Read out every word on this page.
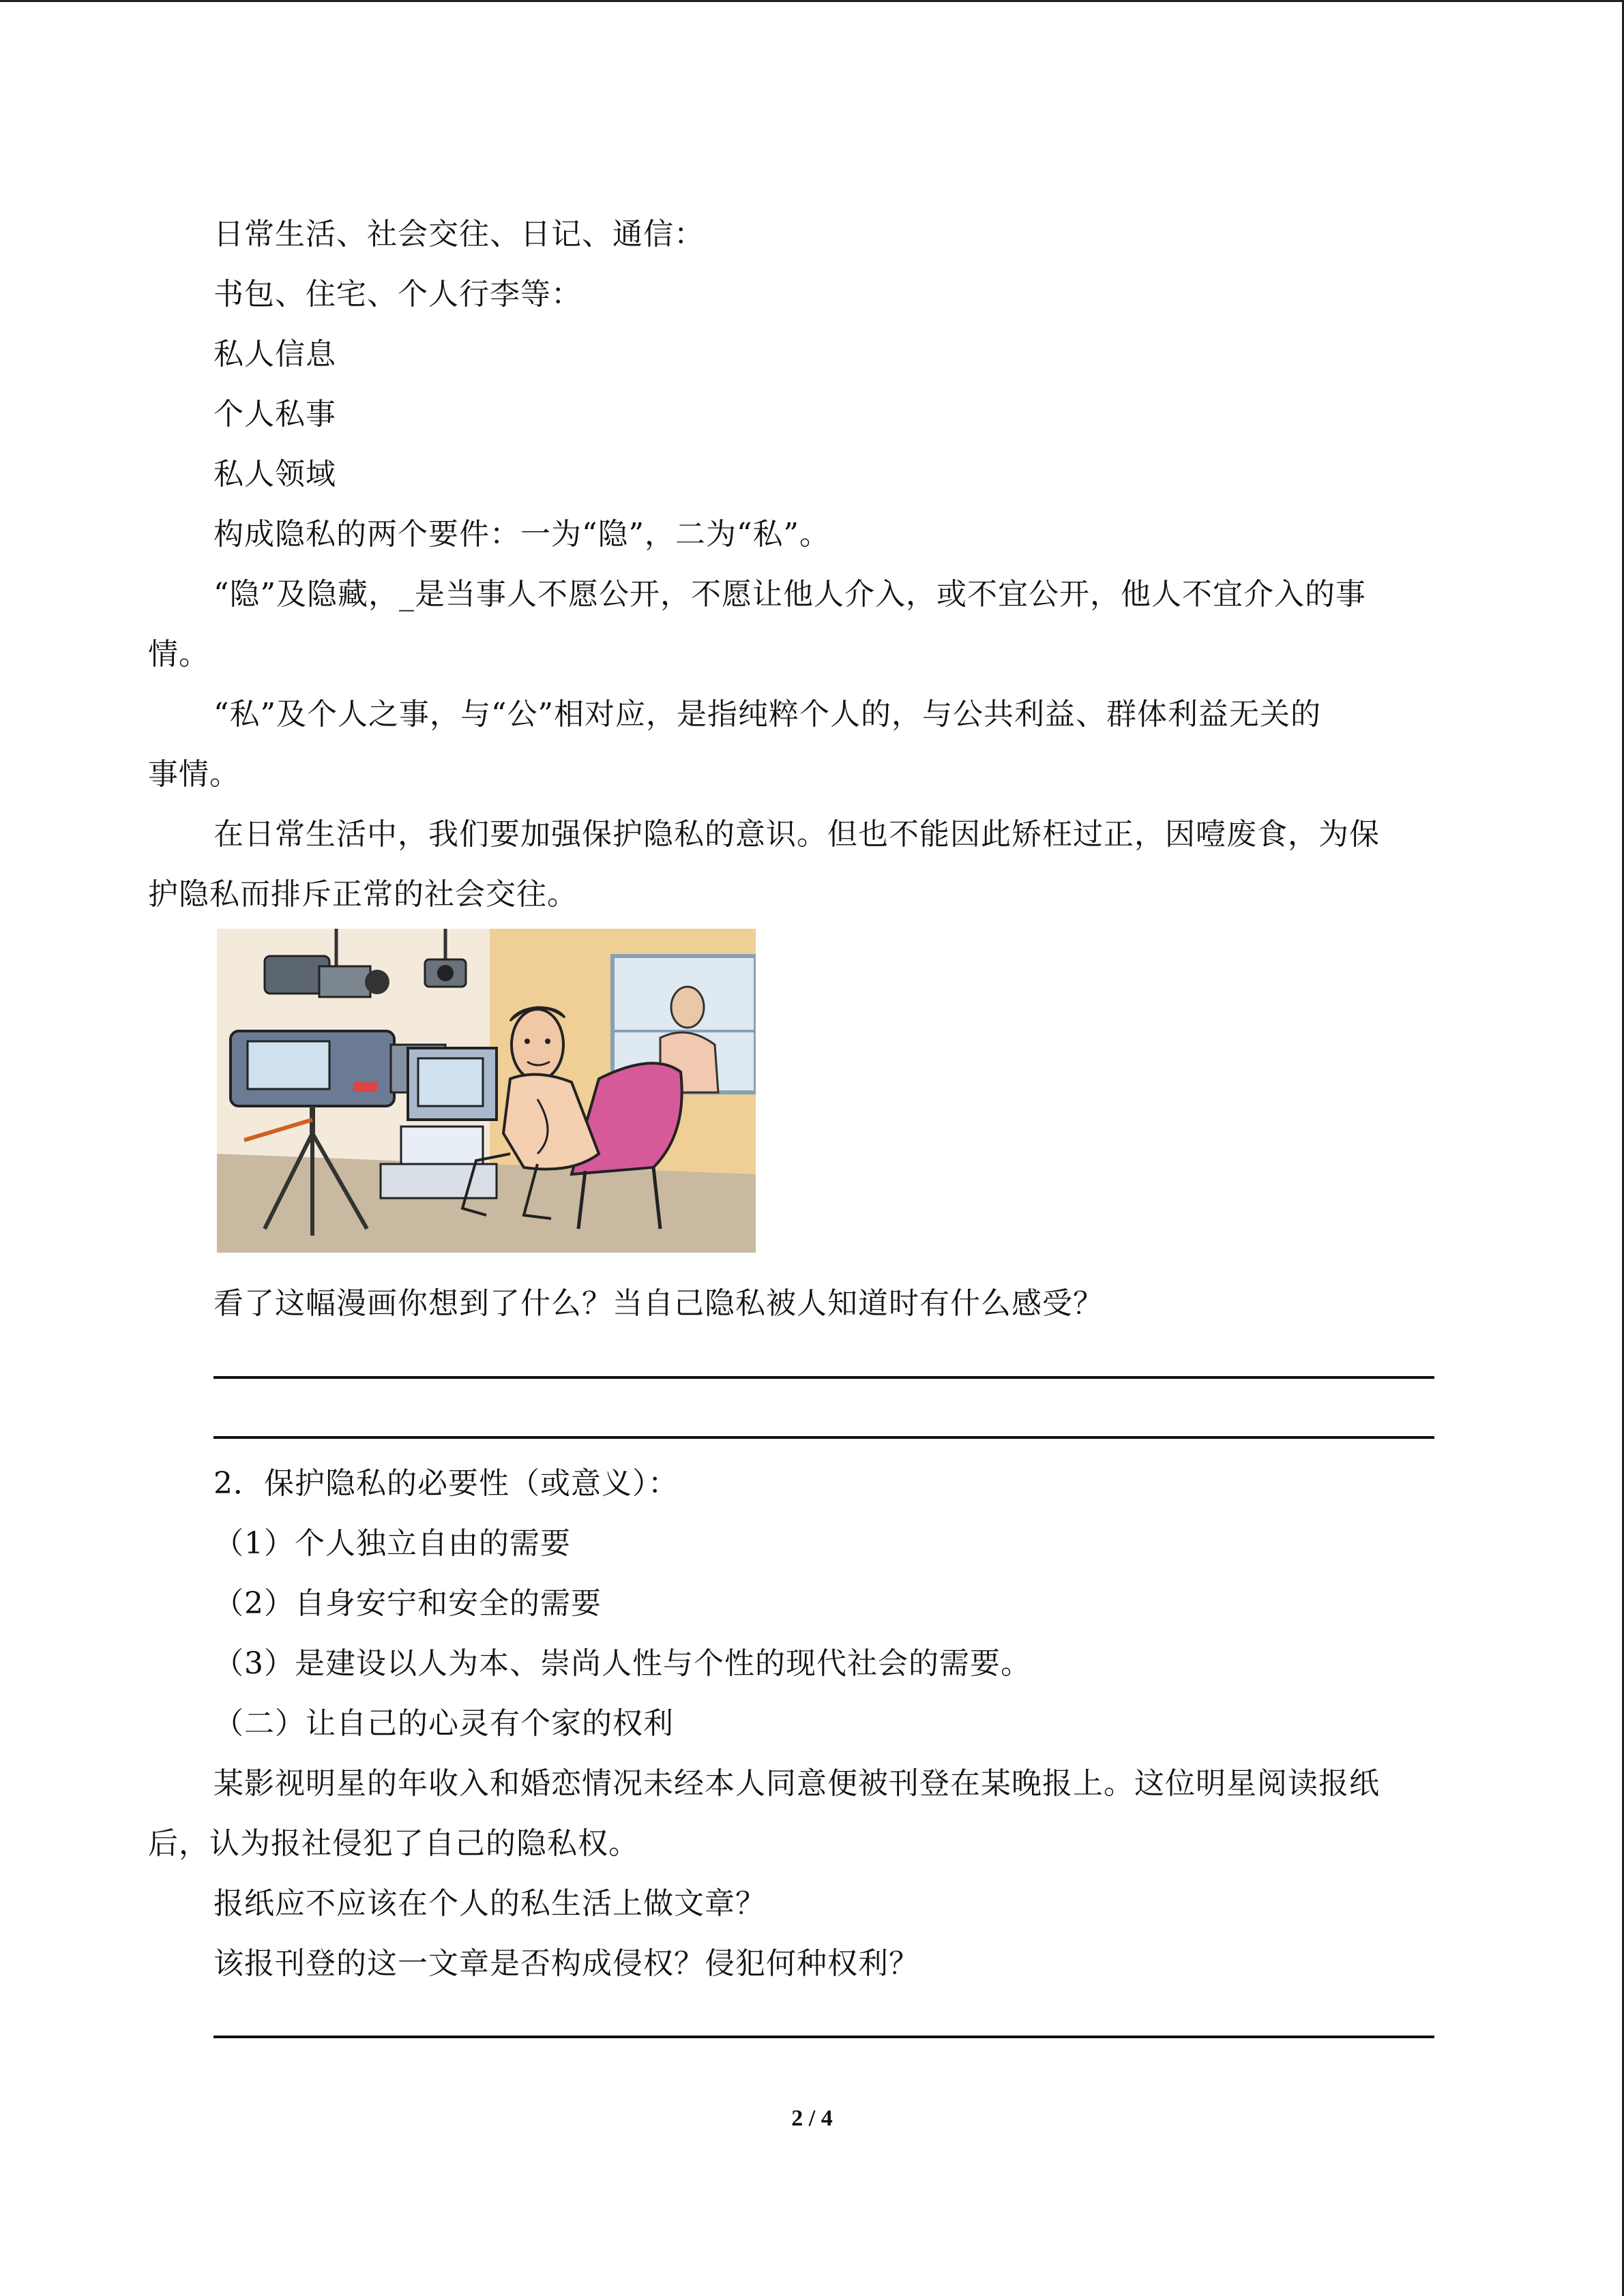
日常生活、社会交往、日记、通信：
书包、住宅、个人行李等：
私人信息
个人私事
私人领域
构成隐私的两个要件：一为“隐”，二为“私”。
“隐”及隐藏，_是当事人不愿公开，不愿让他人介入，或不宜公开，他人不宜介入的事
情。
“私”及个人之事，与“公”相对应，是指纯粹个人的，与公共利益、群体利益无关的
事情。
在日常生活中，我们要加强保护隐私的意识。但也不能因此矫枉过正，因噎废食，为保
护隐私而排斥正常的社会交往。
看了这幅漫画你想到了什么？当自己隐私被人知道时有什么感受？
2．保护隐私的必要性（或意义）：
（1）个人独立自由的需要
（2）自身安宁和安全的需要
（3）是建设以人为本、崇尚人性与个性的现代社会的需要。
（二）让自己的心灵有个家的权利
某影视明星的年收入和婚恋情况未经本人同意便被刊登在某晚报上。这位明星阅读报纸
后，认为报社侵犯了自己的隐私权。
报纸应不应该在个人的私生活上做文章？
该报刊登的这一文章是否构成侵权？侵犯何种权利？
2 / 4
